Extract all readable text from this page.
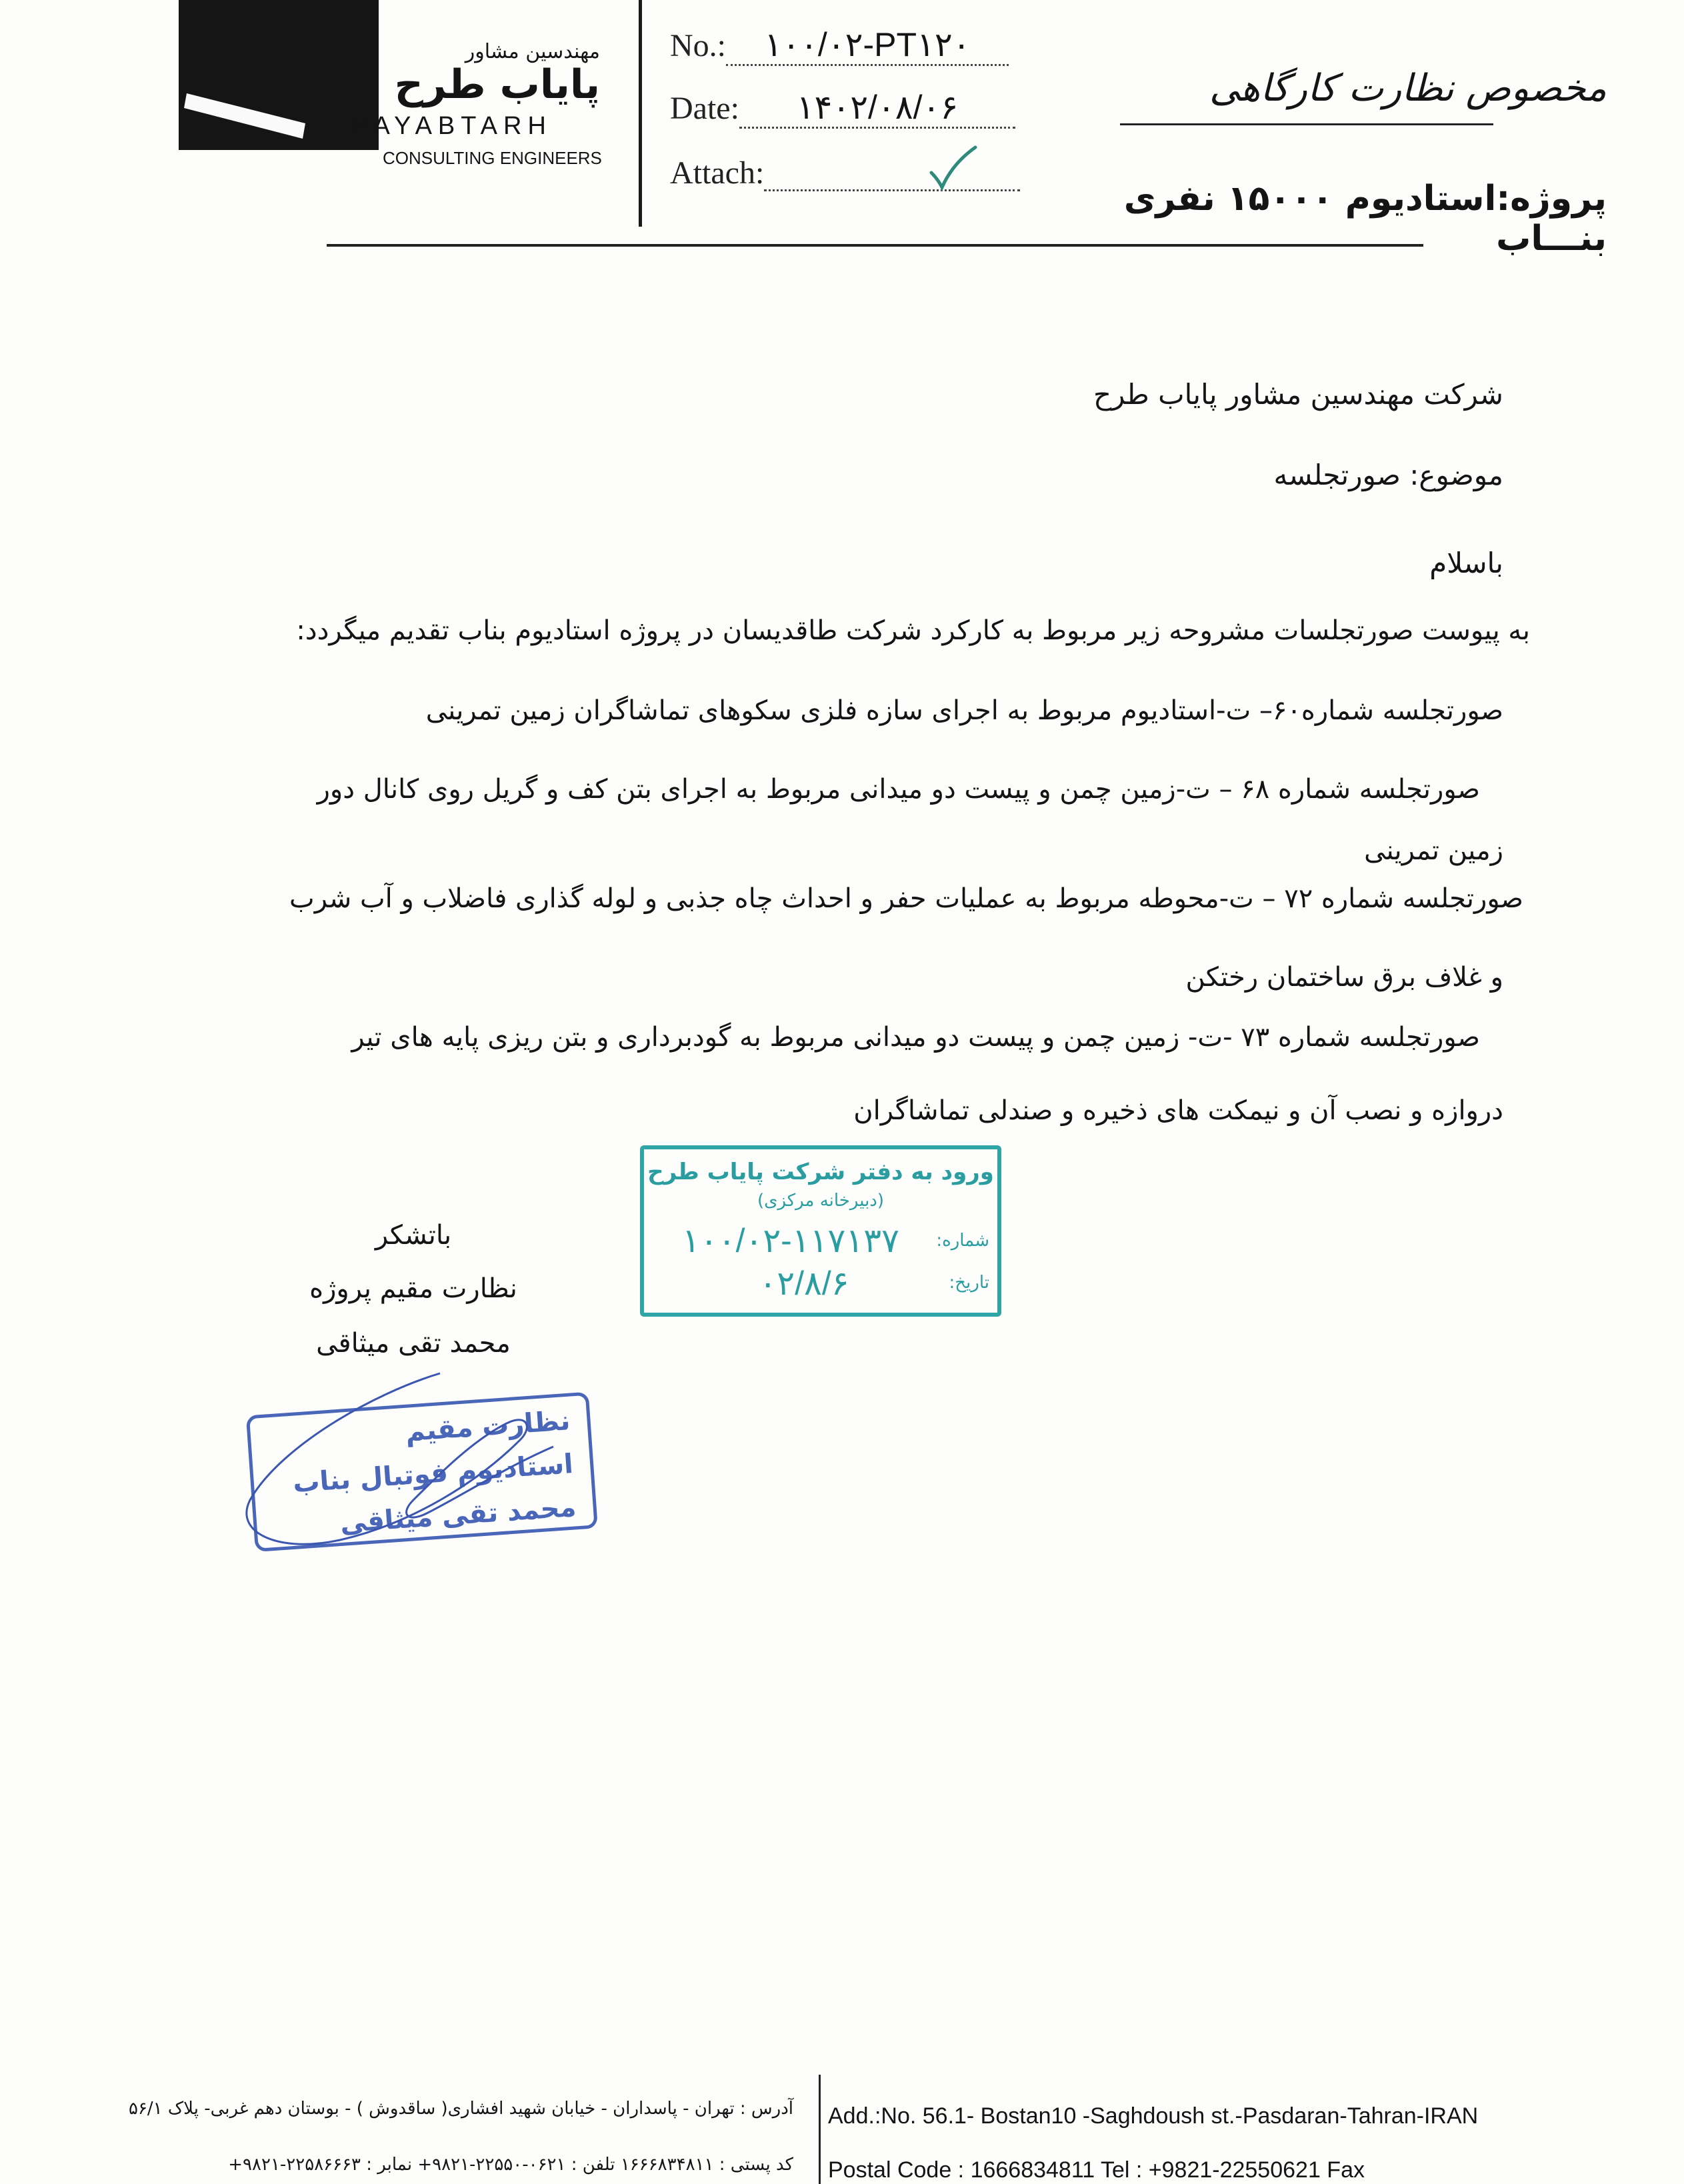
مهندسین مشاور
پایاب طرح
PAYABTARH
CONSULTING ENGINEERS
No.: ۱۰۰/۰۲-PT۱۲۰
Date: ۱۴۰۲/۰۸/۰۶
Attach:
مخصوص نظارت کارگاهی
پروژه:استادیوم ۱۵۰۰۰ نفری بنـــاب
شرکت مهندسین مشاور پایاب طرح
موضوع: صورتجلسه
باسلام
به پیوست صورتجلسات مشروحه زیر مربوط به کارکرد شرکت طاقدیسان در پروژه استادیوم بناب تقدیم میگردد:
صورتجلسه شماره۶۰– ت-استادیوم مربوط به اجرای سازه فلزی سکوهای تماشاگران زمین تمرینی
صورتجلسه شماره ۶۸ – ت-زمین چمن و پیست دو میدانی مربوط به اجرای بتن کف و گریل روی کانال دور
زمین تمرینی
صورتجلسه شماره ۷۲ – ت-محوطه مربوط به عملیات حفر و احداث چاه جذبی و لوله گذاری فاضلاب و آب شرب
و غلاف برق ساختمان رختکن
صورتجلسه شماره ۷۳ -ت- زمین چمن و پیست دو میدانی مربوط به گودبرداری و بتن ریزی پایه های تیر
دروازه و نصب آن و نیمکت های ذخیره و صندلی تماشاگران
ورود به دفتر شرکت پایاب طرح
(دبیرخانه مرکزی)
شماره:
۱۰۰/۰۲-۱۱۷۱۳۷
تاریخ:
۰۲/۸/۶
باتشکر
نظارت مقیم پروژه
محمد تقی میثاقی
نظارت مقیم
استادیوم فوتبال بناب
محمد تقی میثاقی
آدرس : تهران - پاسداران - خیابان شهید افشاری( ساقدوش ) - بوستان دهم غربی- پلاک ۵۶/۱
کد پستی : ۱۶۶۶۸۳۴۸۱۱ تلفن : ۰۶۲۱-۲۲۵۵۰-۹۸۲۱+ نمابر : ۲۲۵۸۶۶۶۳-۹۸۲۱+
Add.:No. 56.1- Bostan10 -Saghdoush st.-Pasdaran-Tahran-IRAN
Postal Code : 1666834811 Tel : +9821-22550621 Fax
